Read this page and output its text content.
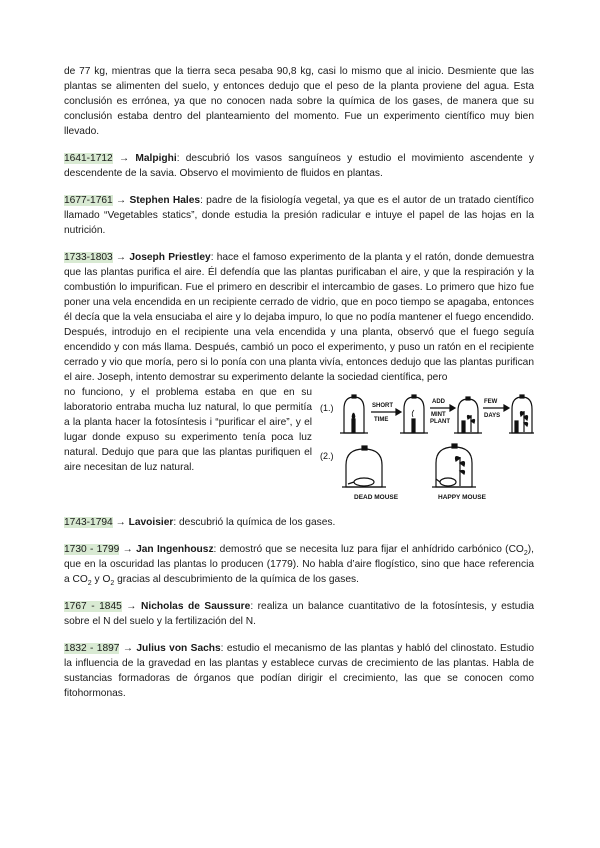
de 77 kg, mientras que la tierra seca pesaba 90,8 kg, casi lo mismo que al inicio. Desmiente que las plantas se alimenten del suelo, y entonces dedujo que el peso de la planta proviene del agua. Esta conclusión es errónea, ya que no conocen nada sobre la química de los gases, de manera que su conclusión estaba dentro del planteamiento del momento. Fue un experimento científico muy bien llevado.

1641-1712 → Malpighi: descubrió los vasos sanguíneos y estudio el movimiento ascendente y descendente de la savia. Observo el movimiento de fluidos en plantas.

1677-1761 → Stephen Hales: padre de la fisiología vegetal, ya que es el autor de un tratado científico llamado “Vegetables statics”, donde estudia la presión radicular e intuye el papel de las hojas en la nutrición.

1733-1803 → Joseph Priestley: hace el famoso experimento de la planta y el ratón, donde demuestra que las plantas purifica el aire. Él defendía que las plantas purificaban el aire, y que la respiración y la combustión lo impurifican. Fue el primero en describir el intercambio de gases. Lo primero que hizo fue poner una vela encendida en un recipiente cerrado de vidrio, que en poco tiempo se apagaba, entonces él decía que la vela ensuciaba el aire y lo dejaba impuro, lo que no podía mantener el fuego encendido. Después, introdujo en el recipiente una vela encendida y una planta, observó que el fuego seguía encendido y con más llama. Después, cambió un poco el experimento, y puso un ratón en el recipiente cerrado y vio que moría, pero si lo ponía con una planta vivía, entonces dedujo que las plantas purifican el aire. Joseph, intento demostrar su experimento delante la sociedad científica, pero

no funciono, y el problema estaba en que en su laboratorio entraba mucha luz natural, lo que permitía a la planta hacer la fotosíntesis i “purificar el aire”, y el lugar donde expuso su experimento tenía poca luz natural. Dedujo que para que las plantas purifiquen el aire necesitan de luz natural.

(1.)	SHORT
TIME
ADD
MINT
PLANT
FEW
DAYS
(2.)
DEAD MOUSE	HAPPY MOUSE

1743-1794 → Lavoisier: descubrió la química de los gases.

1730 - 1799 → Jan Ingenhousz: demostró que se necesita luz para fijar el anhídrido carbónico $(CO_2)$, que en la oscuridad las plantas lo producen (1779). No habla d’aire flogístico, sino que hace referencia a $CO_2$ y $O_2$ gracias al descubrimiento de la química de los gases.

1767 - 1845 → Nicholas de Saussure: realiza un balance cuantitativo de la fotosíntesis, y estudia sobre el N del suelo y la fertilización del N.

1832 - 1897 → Julius von Sachs: estudio el mecanismo de las plantas y habló del clinostato. Estudio la influencia de la gravedad en las plantas y establece curvas de crecimiento de las plantas. Habla de sustancias formadoras de órganos que podían dirigir el crecimiento, las que se conocen como fitohormonas.
